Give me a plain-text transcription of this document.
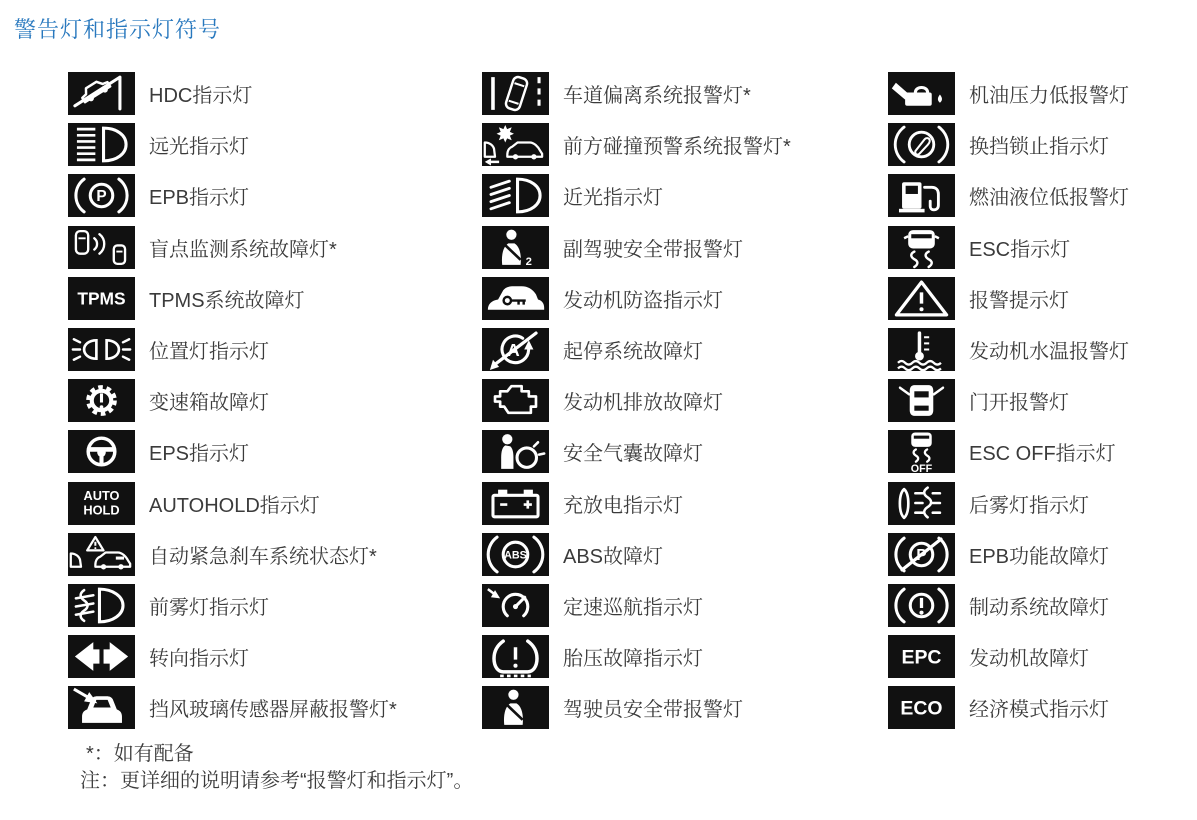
警告灯和指示灯符号
HDC指示灯
远光指示灯
EPB指示灯
盲点监测系统故障灯*
TPMS系统故障灯
位置灯指示灯
变速箱故障灯
EPS指示灯
AUTOHOLD指示灯
自动紧急刹车系统状态灯*
前雾灯指示灯
转向指示灯
挡风玻璃传感器屏蔽报警灯*
车道偏离系统报警灯*
前方碰撞预警系统报警灯*
近光指示灯
副驾驶安全带报警灯
发动机防盗指示灯
起停系统故障灯
发动机排放故障灯
安全气囊故障灯
充放电指示灯
ABS故障灯
定速巡航指示灯
胎压故障指示灯
驾驶员安全带报警灯
机油压力低报警灯
换挡锁止指示灯
燃油液位低报警灯
ESC指示灯
报警提示灯
发动机水温报警灯
门开报警灯
ESC OFF指示灯
后雾灯指示灯
EPB功能故障灯
制动系统故障灯
发动机故障灯
经济模式指示灯
*：如有配备
注：更详细的说明请参考“报警灯和指示灯”。
